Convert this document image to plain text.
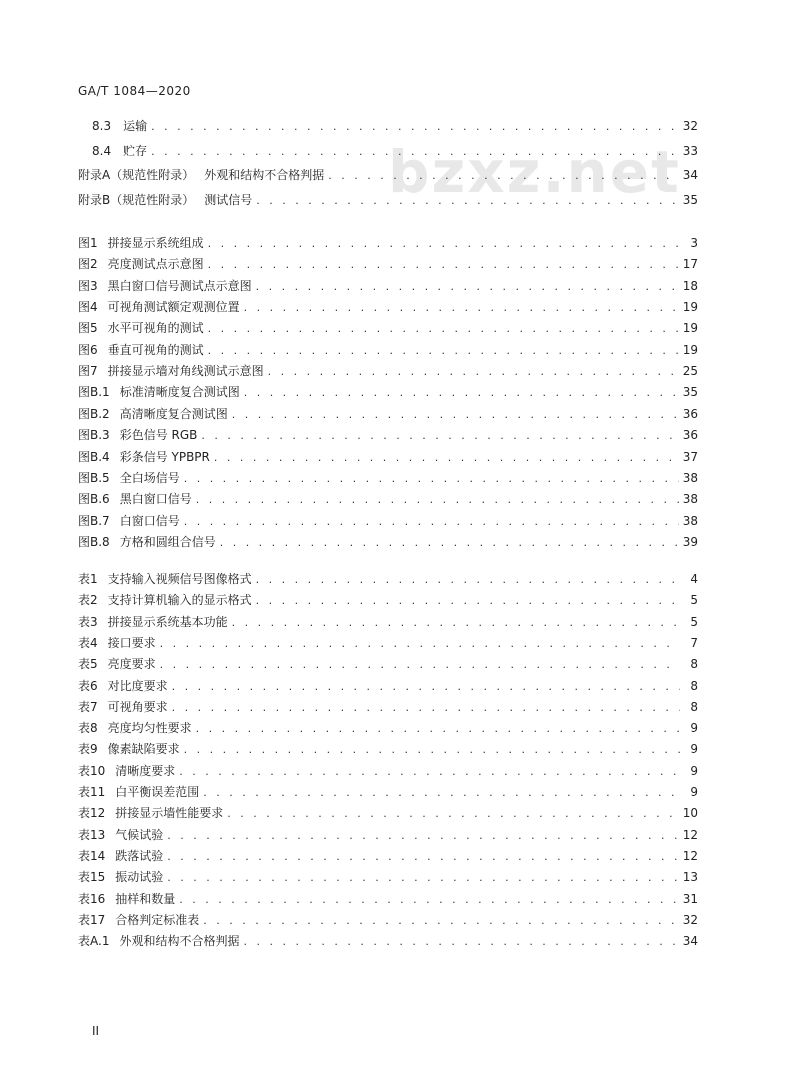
GA/T 1084—2020
bzxz.net
8.3 运输 . . .	32
8.4 贮存 . . .	33
附录A（规范性附录） 外观和结构不合格判据 . . .	34
附录B（规范性附录） 测试信号 . . .	35
图1 拼接显示系统组成 . . .	3
图2 亮度测试点示意图 . . .	17
图3 黑白窗口信号测试点示意图 . . .	18
图4 可视角测试额定观测位置 . . .	19
图5 水平可视角的测试 . . .	19
图6 垂直可视角的测试 . . .	19
图7 拼接显示墙对角线测试示意图 . . .	25
图B.1 标准清晰度复合测试图 . . .	35
图B.2 高清晰度复合测试图 . . .	36
图B.3 彩色信号 RGB . . .	36
图B.4 彩条信号 YPBPR . . .	37
图B.5 全白场信号 . . .	38
图B.6 黑白窗口信号 . . .	38
图B.7 白窗口信号 . . .	38
图B.8 方格和圆组合信号 . . .	39
表1 支持输入视频信号图像格式 . . .	4
表2 支持计算机输入的显示格式 . . .	5
表3 拼接显示系统基本功能 . . .	5
表4 接口要求 . . .	7
表5 亮度要求 . . .	8
表6 对比度要求 . . .	8
表7 可视角要求 . . .	8
表8 亮度均匀性要求 . . .	9
表9 像素缺陷要求 . . .	9
表10 清晰度要求 . . .	9
表11 白平衡误差范围 . . .	9
表12 拼接显示墙性能要求 . . .	10
表13 气候试验 . . .	12
表14 跌落试验 . . .	12
表15 振动试验 . . .	13
表16 抽样和数量 . . .	31
表17 合格判定标准表 . . .	32
表A.1 外观和结构不合格判据 . . .	34
II
